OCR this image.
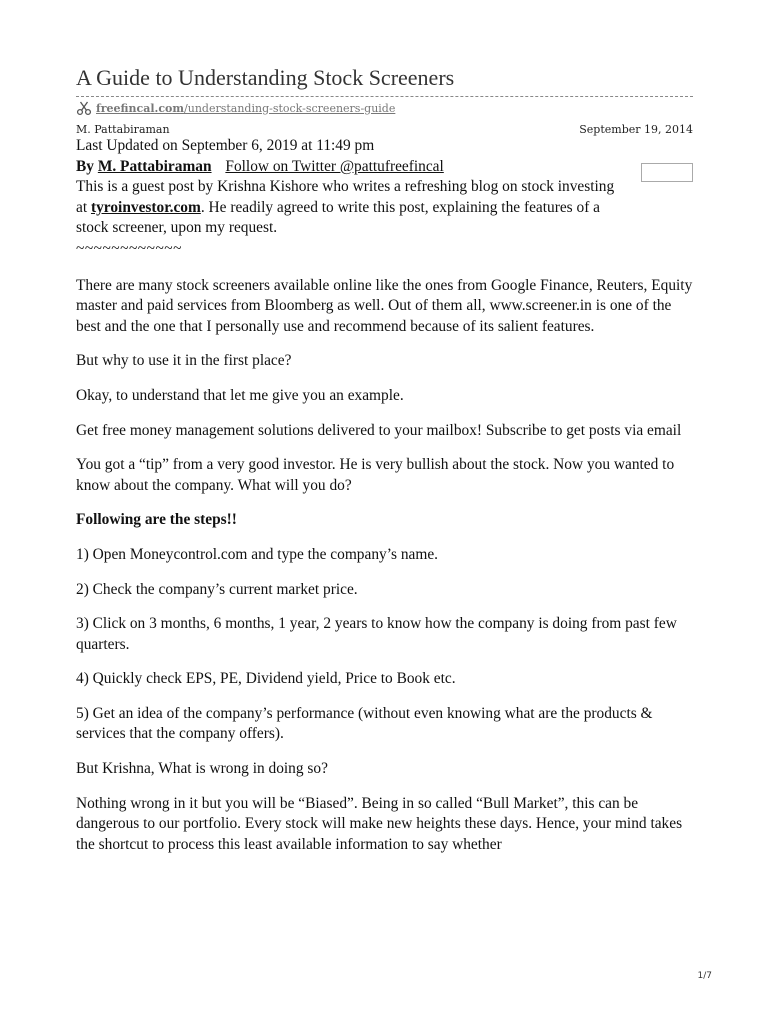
A Guide to Understanding Stock Screeners
freefincal.com /understanding-stock-screeners-guide
M. Pattabiraman	September 19, 2014

Last Updated on September 6, 2019 at 11:49 pm

By M. Pattabiraman Follow on Twitter @pattufreefincal

This is a guest post by Krishna Kishore who writes a refreshing blog on stock investing at tyroinvestor.com. He readily agreed to write this post, explaining the features of a stock screener, upon my request.

~~~~~~~~~~~~

There are many stock screeners available online like the ones from Google Finance, Reuters, Equity master and paid services from Bloomberg as well. Out of them all, www.screener.in is one of the best and the one that I personally use and recommend because of its salient features.

But why to use it in the first place?

Okay, to understand that let me give you an example.

Get free money management solutions delivered to your mailbox! Subscribe to get posts via email

You got a “tip” from a very good investor. He is very bullish about the stock. Now you wanted to know about the company. What will you do?

Following are the steps!!

1) Open Moneycontrol.com and type the company’s name.

2) Check the company’s current market price.

3) Click on 3 months, 6 months, 1 year, 2 years to know how the company is doing from past few quarters.

4) Quickly check EPS, PE, Dividend yield, Price to Book etc.

5) Get an idea of the company’s performance (without even knowing what are the products & services that the company offers).

But Krishna, What is wrong in doing so?

Nothing wrong in it but you will be “Biased”. Being in so called “Bull Market”, this can be dangerous to our portfolio. Every stock will make new heights these days. Hence, your mind takes the shortcut to process this least available information to say whether

1/7
